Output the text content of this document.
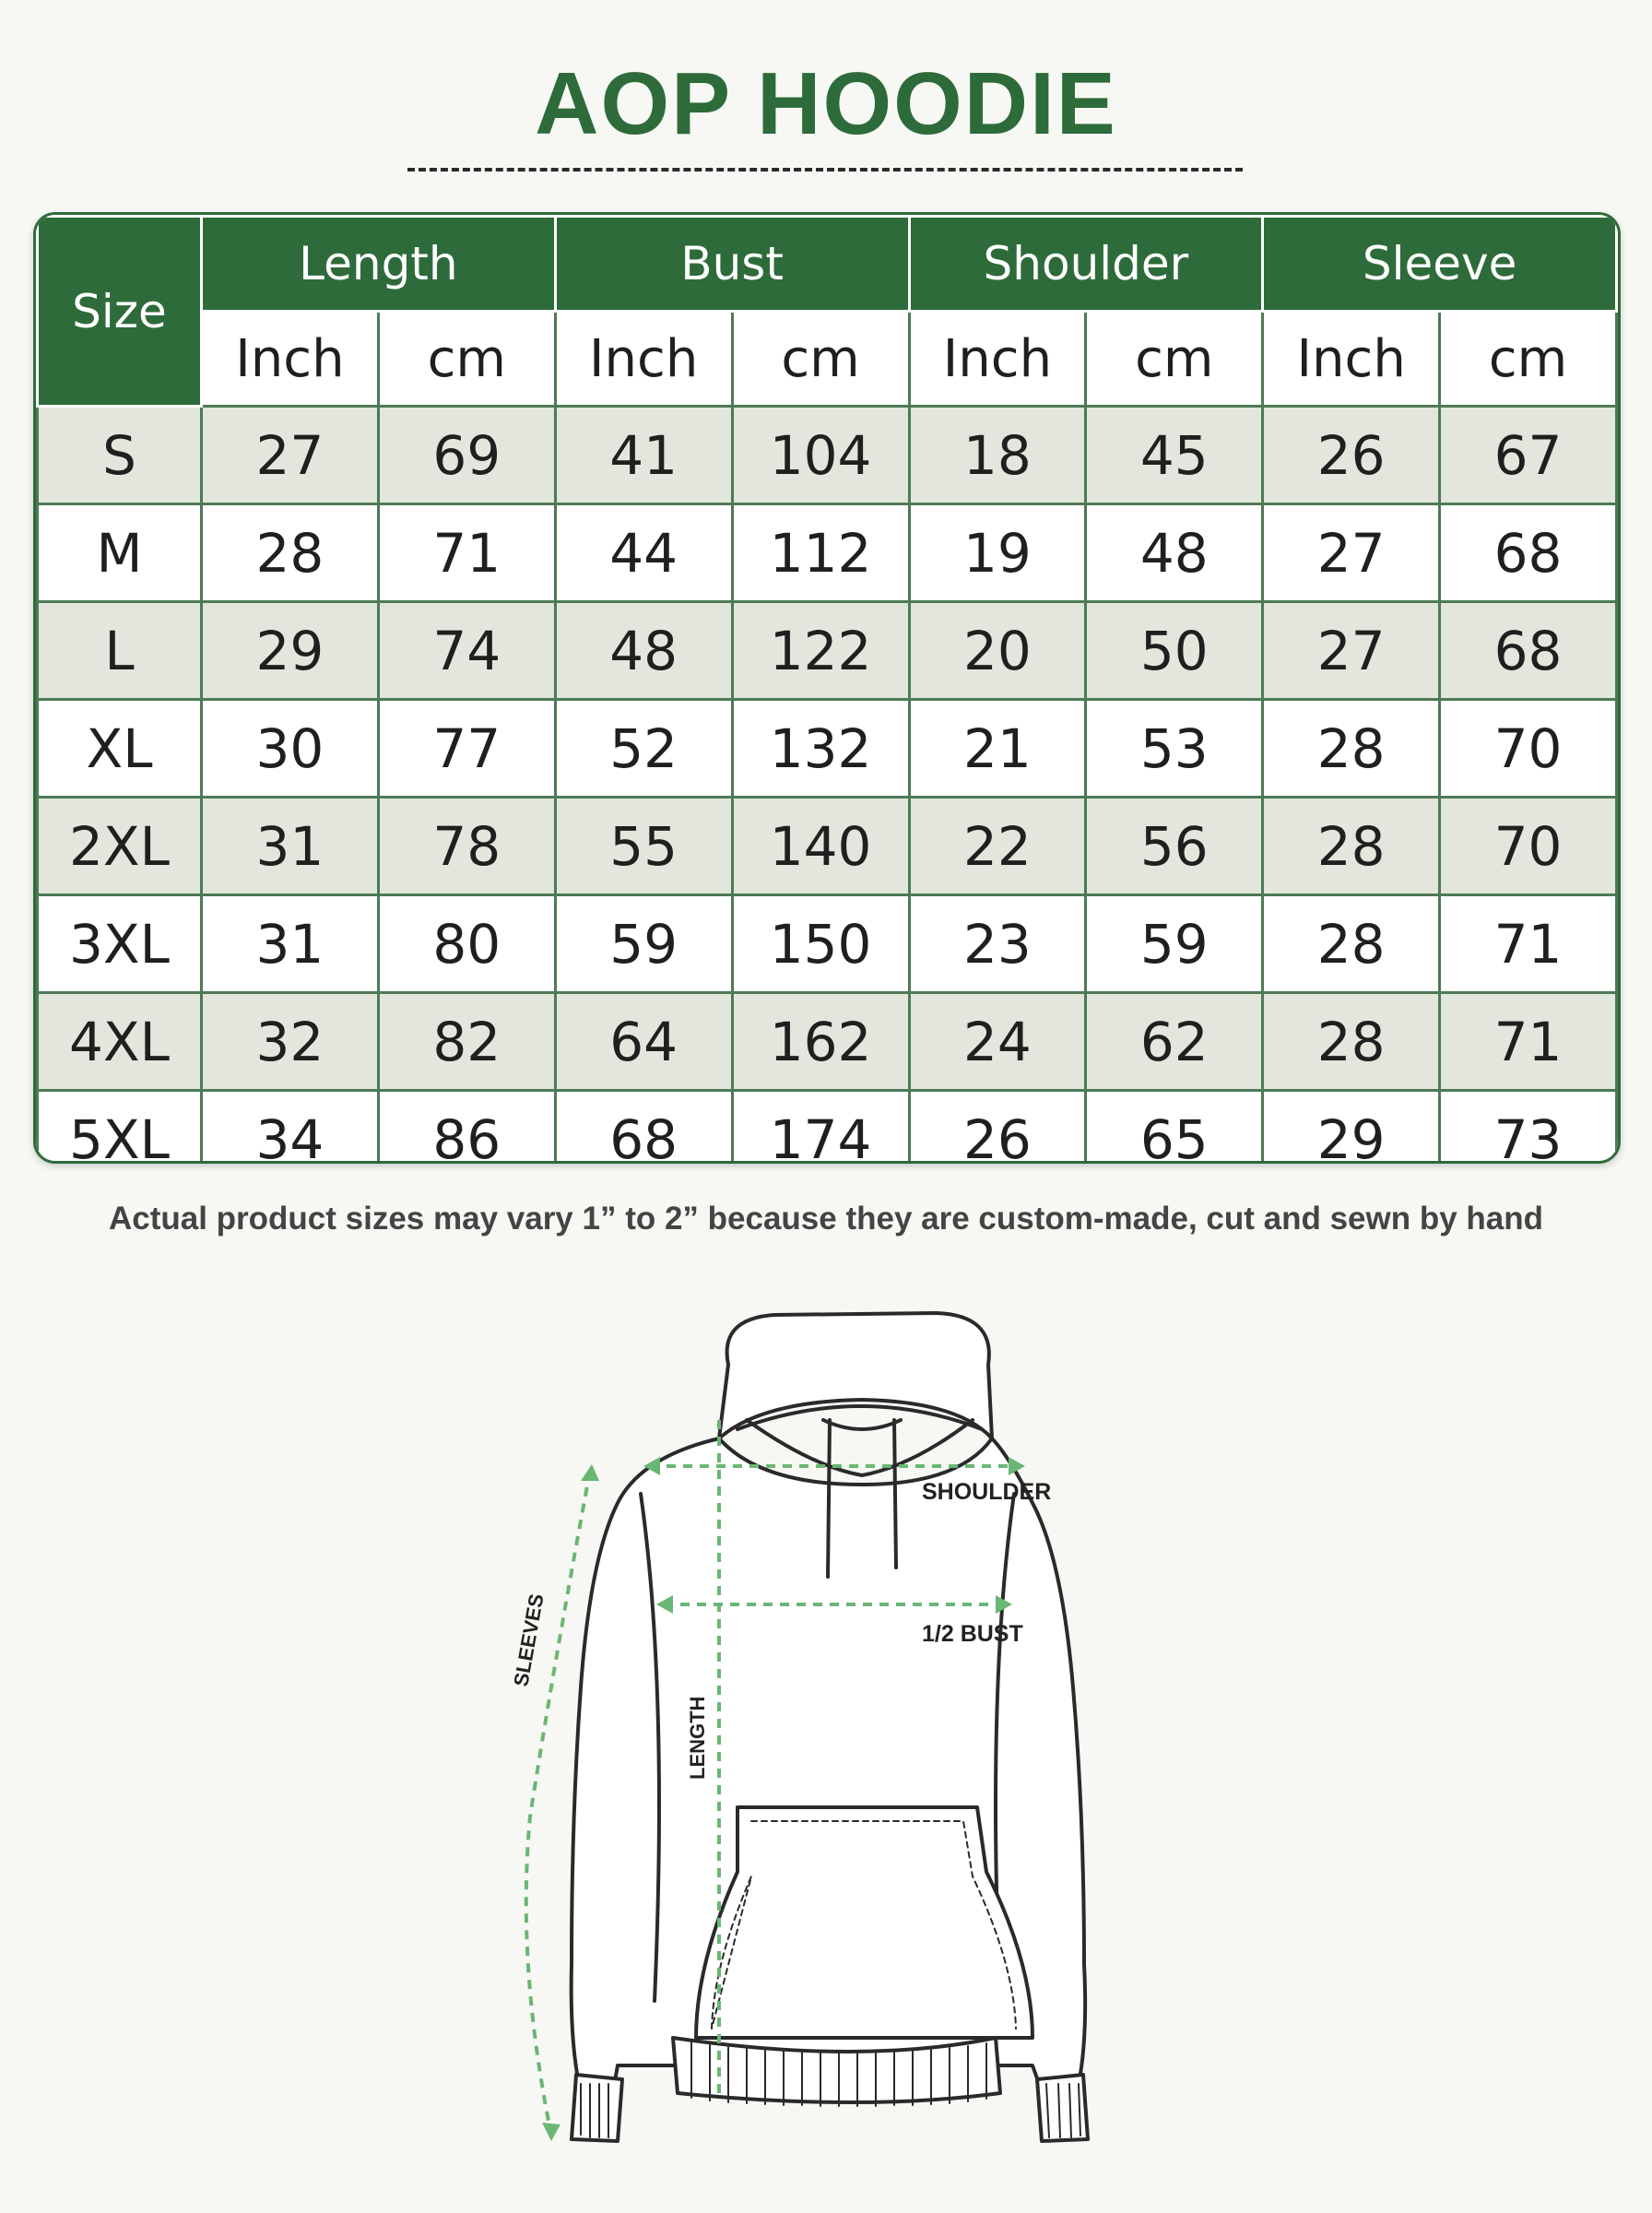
AOP HOODIE
Size	Length		Bust		Shoulder		Sleeve	
	Inch	cm	Inch	cm	Inch	cm	Inch	cm
S	27	69	41	104	18	45	26	67
M	28	71	44	112	19	48	27	68
L	29	74	48	122	20	50	27	68
XL	30	77	52	132	21	53	28	70
2XL	31	78	55	140	22	56	28	70
3XL	31	80	59	150	23	59	28	71
4XL	32	82	64	162	24	62	28	71
5XL	34	86	68	174	26	65	29	73
Actual product sizes may vary 1” to 2” because they are custom-made, cut and sewn by hand
SHOULDER
1/2 BUST
LENGTH
SLEEVES
